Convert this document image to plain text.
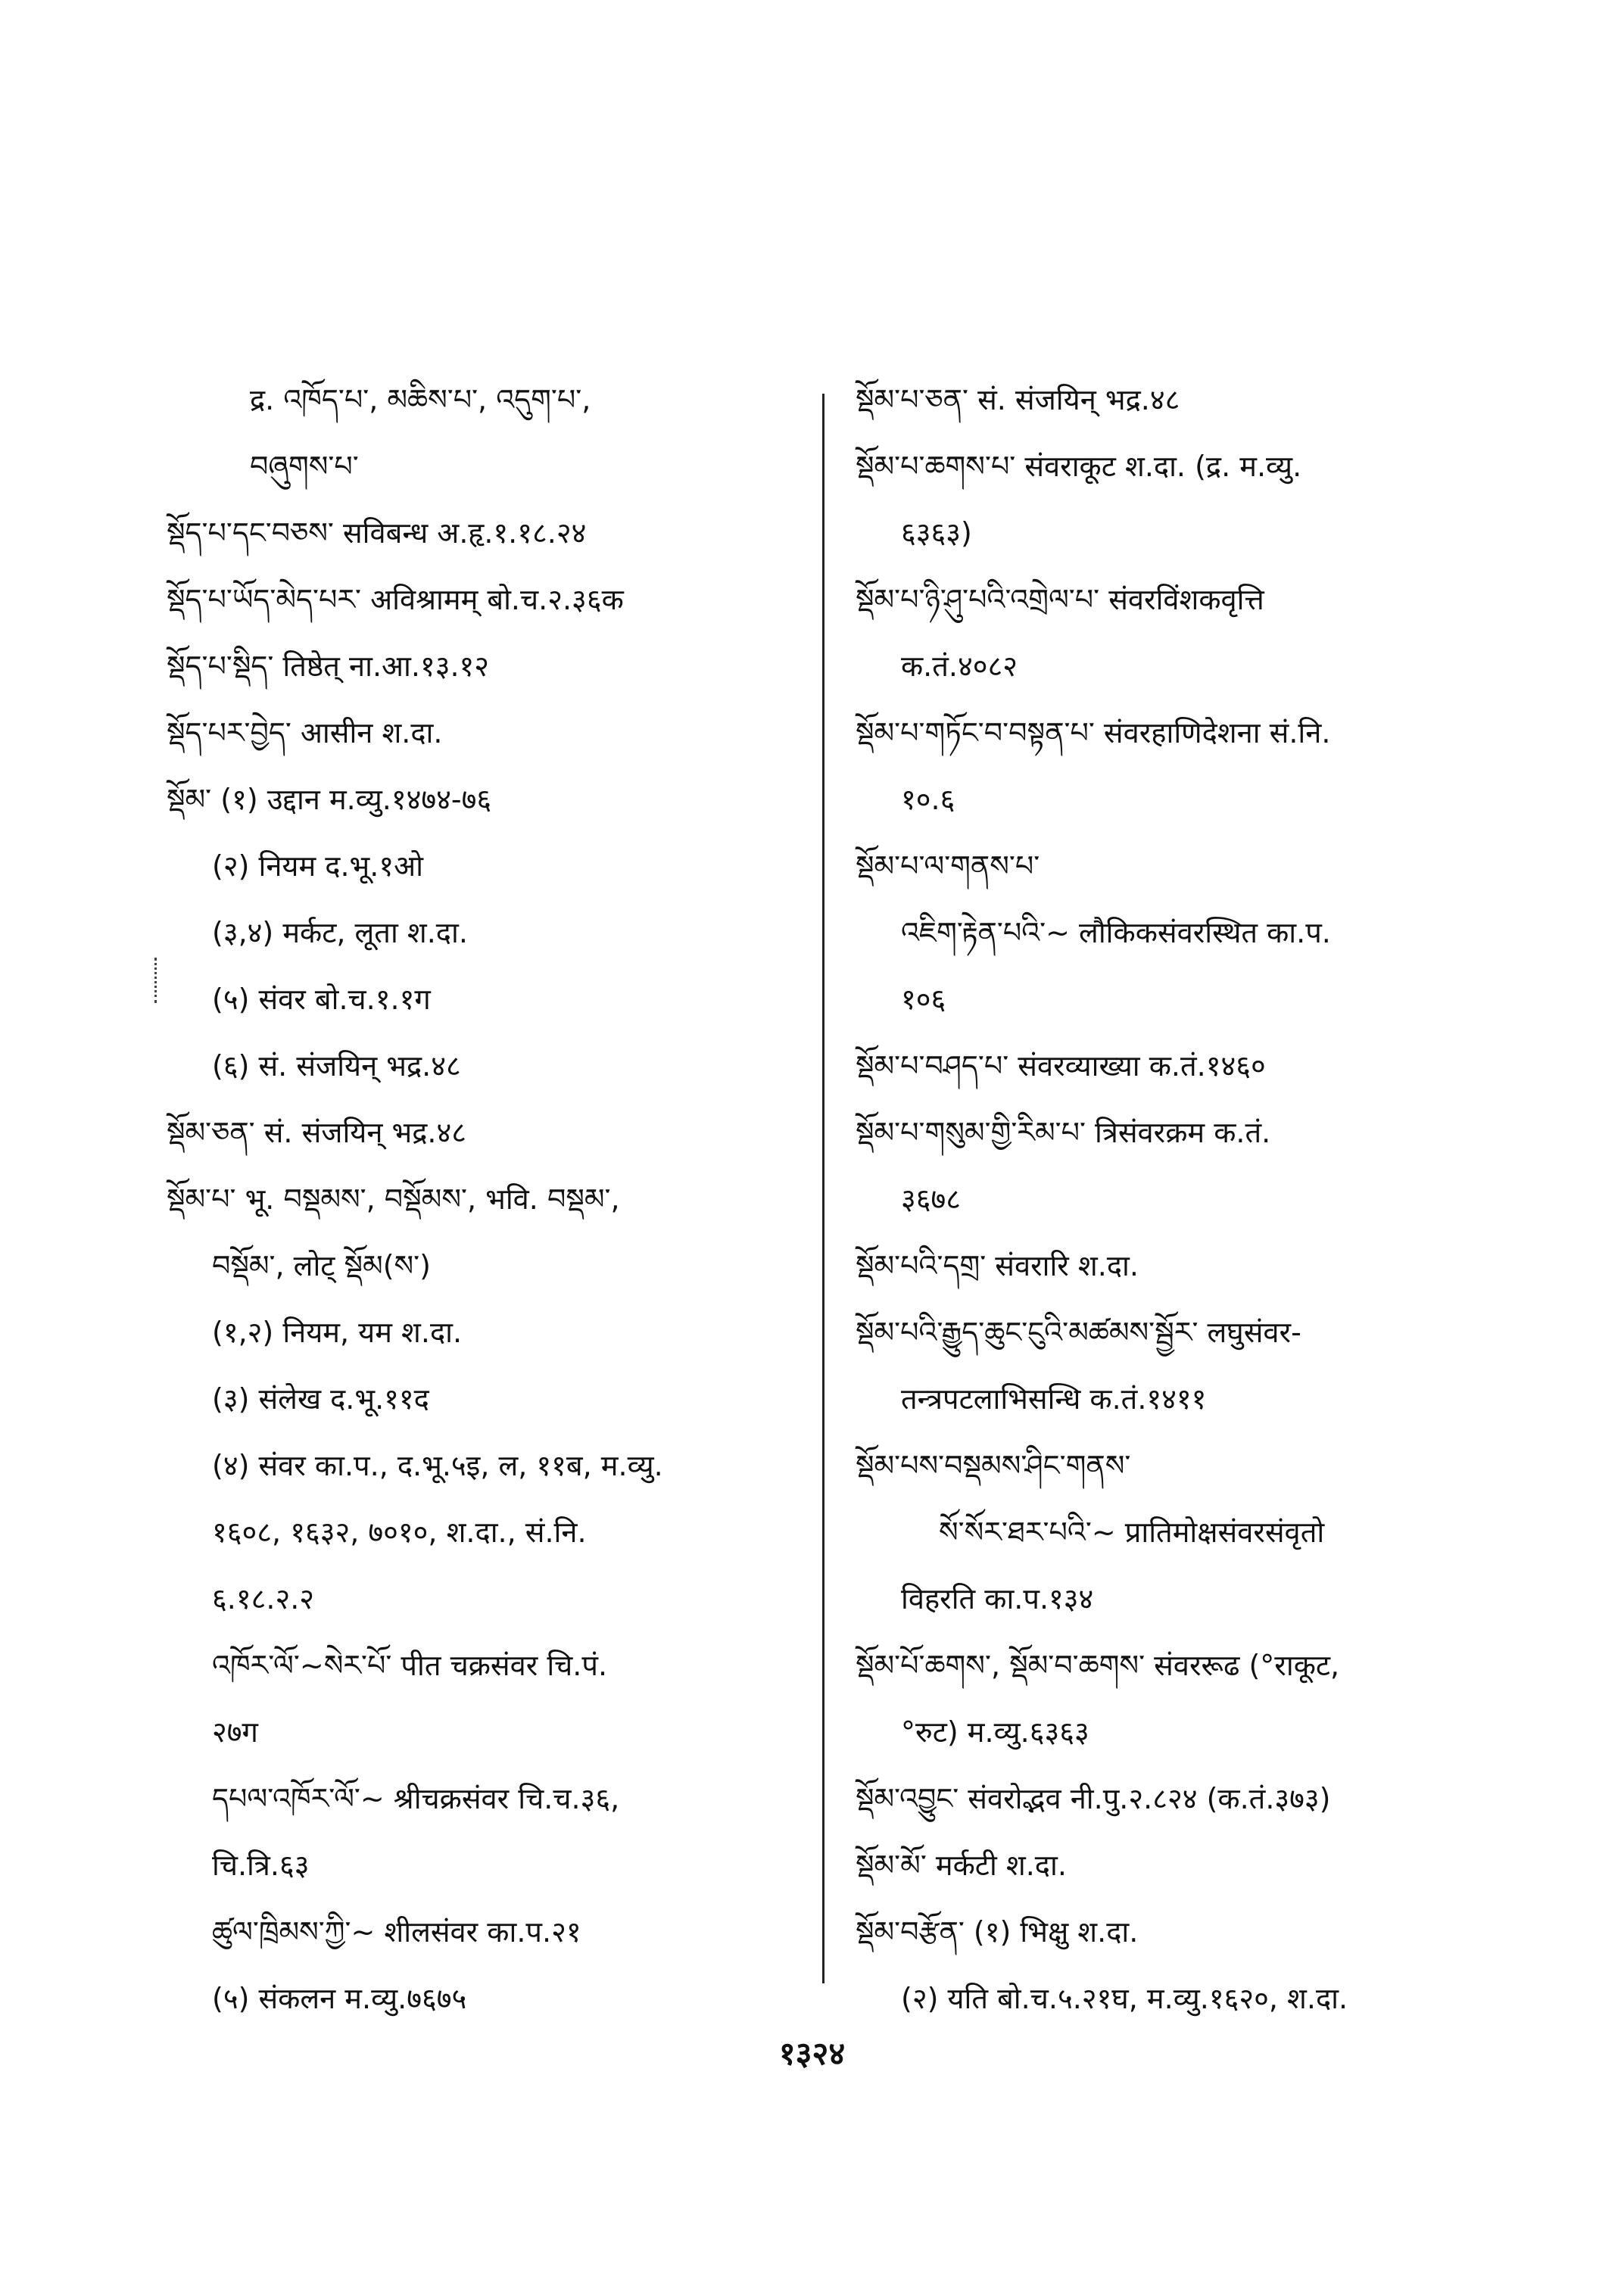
द्र. འཁོད་པ་, མཆིས་པ་, འདུག་པ་,
བཞུགས་པ་
སྡོད་པ་དང་བཅས་ सविबन्ध अ.हृ.१.१८.२४
སྡོད་པ་ཡོད་མེད་པར་ अविश्रामम् बो.च.२.३६क
སྡོད་པ་སྡིད་ तिष्ठेत् ना.आ.१३.१२
སྡོད་པར་བྱེད་ आसीन श.दा.
སྡོམ་ (१) उद्दान म.व्यु.१४७४-७६
(२) नियम द.भू.१ओ
(३,४) मर्कट, लूता श.दा.
(५) संवर बो.च.१.१ग
(६) सं. संजयिन् भद्र.४८
སྡོམ་ཅན་ सं. संजयिन् भद्र.४८
སྡོམ་པ་ भू. བསྡམས་, བསྡོམས་, भवि. བསྡམ་,
བསྡོམ་, लोट् སྡོམ(ས་)
(१,२) नियम, यम श.दा.
(३) संलेख द.भू.११द
(४) संवर का.प., द.भू.५इ, ल, ११ब, म.व्यु.
१६०८, १६३२, ७०१०, श.दा., सं.नि.
६.१८.२.२
འཁོར་ལོ་~སེར་པོ་ पीत चक्रसंवर चि.पं.
२७ग
དཔལ་འཁོར་ལོ་~ श्रीचक्रसंवर चि.च.३६,
चि.त्रि.६३
ཚུལ་ཁྲིམས་ཀྱི་~ शीलसंवर का.प.२१
(५) संकलन म.व्यु.७६७५
སྡོམ་པ་ཅན་ सं. संजयिन् भद्र.४८
སྡོམ་པ་ཆགས་པ་ संवराकूट श.दा. (द्र. म.व्यु.
६३६३)
སྡོམ་པ་ཉི་ཤུ་པའི་འགྲེལ་པ་ संवरविंशकवृत्ति
क.तं.४०८२
སྡོམ་པ་གཏོང་བ་བསྟན་པ་ संवरहाणिदेशना सं.नि.
१०.६
སྡོམ་པ་ལ་གནས་པ་
འཇིག་རྟེན་པའི་~ लौकिकसंवरस्थित का.प.
१०६
སྡོམ་པ་བཤད་པ་ संवरव्याख्या क.तं.१४६०
སྡོམ་པ་གསུམ་གྱི་རིམ་པ་ त्रिसंवरक्रम क.तं.
३६७८
སྡོམ་པའི་དགྲ་ संवरारि श.दा.
སྡོམ་པའི་རྒྱུད་ཆུང་ངུའི་མཚམས་སྦྱོར་ लघुसंवर-
तन्त्रपटलाभिसन्धि क.तं.१४११
སྡོམ་པས་བསྡམས་ཤིང་གནས་
སོ་སོར་ཐར་པའི་~ प्रातिमोक्षसंवरसंवृतो
विहरति का.प.१३४
སྡོམ་པོ་ཆགས་, སྡོམ་བ་ཆགས་ संवररूढ (°राकूट,
°रुट) म.व्यु.६३६३
སྡོམ་འབྱུང་ संवरोद्भव नी.पु.२.८२४ (क.तं.३७३)
སྡོམ་མོ་ मर्कटी श.दा.
སྡོམ་བརྩོན་ (१) भिक्षु श.दा.
(२) यति बो.च.५.२१घ, म.व्यु.१६२०, श.दा.
१३२४
